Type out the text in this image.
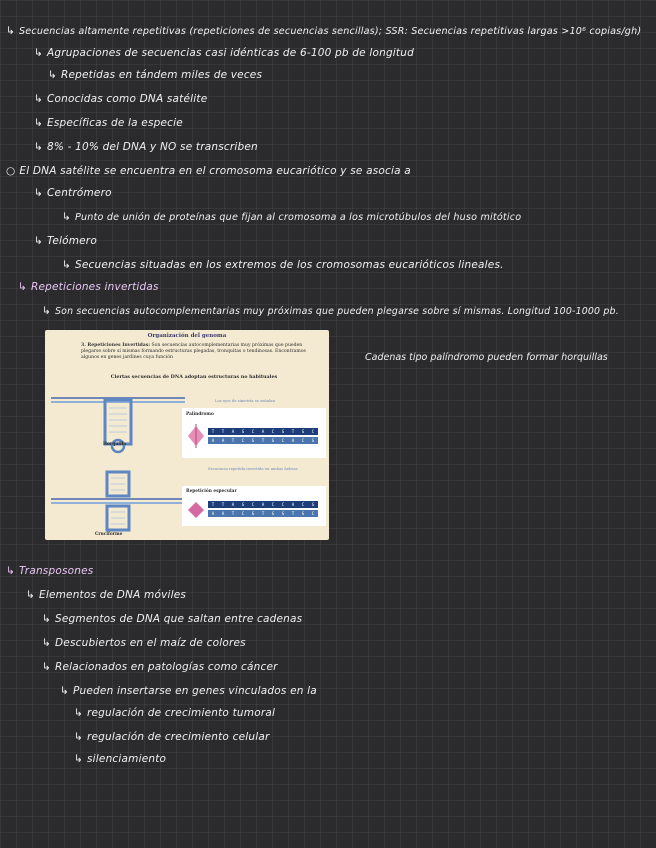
↳ Secuencias altamente repetitivas (repeticiones de secuencias sencillas); SSR: Secuencias repetitivas largas >10⁶ copias/gh)
↳ Agrupaciones de secuencias casi idénticas de 6-100 pb de longitud
↳ Repetidas en tándem miles de veces
↳ Conocidas como DNA satélite
↳ Específicas de la especie
↳ 8% - 10% del DNA y NO se transcriben
○ El DNA satélite se encuentra en el cromosoma eucariótico y se asocia a
↳ Centrómero
↳ Punto de unión de proteínas que fijan al cromosoma a los microtúbulos del huso mitótico
↳ Telómero
↳ Secuencias situadas en los extremos de los cromosomas eucarióticos lineales.
↳ Repeticiones invertidas
↳ Son secuencias autocomplementarias muy próximas que pueden plegarse sobre sí mismas. Longitud 100-1000 pb.
Organización del genoma
3. Repeticiones Invertidas: Son secuencias autocomplementarias muy próximas que pueden plegarse sobre sí mismas formando estructuras plegadas, tronquitas o tendinosas. Encontramos algunos en genes jardines cuya función
Ciertas secuencias de DNA adoptan estructuras no habituales
Horquilla
Cruciforme
Los ejes de simetría se señalan
Palíndromo
T	T	A	G	C	A	C	G	T	G	C
A	A	T	C	G	T	G	C	A	C	G
Secuencia repetida invertida en ambas hebras
Repetición especular
T	T	A	G	C	A	C	C	A	C	G
A	A	T	C	G	T	G	G	T	G	C
Cadenas tipo palíndromo pueden formar horquillas
↳ Transposones
↳ Elementos de DNA móviles
↳ Segmentos de DNA que saltan entre cadenas
↳ Descubiertos en el maíz de colores
↳ Relacionados en patologías como cáncer
↳ Pueden insertarse en genes vinculados en la
↳ regulación de crecimiento tumoral
↳ regulación de crecimiento celular
↳ silenciamiento
